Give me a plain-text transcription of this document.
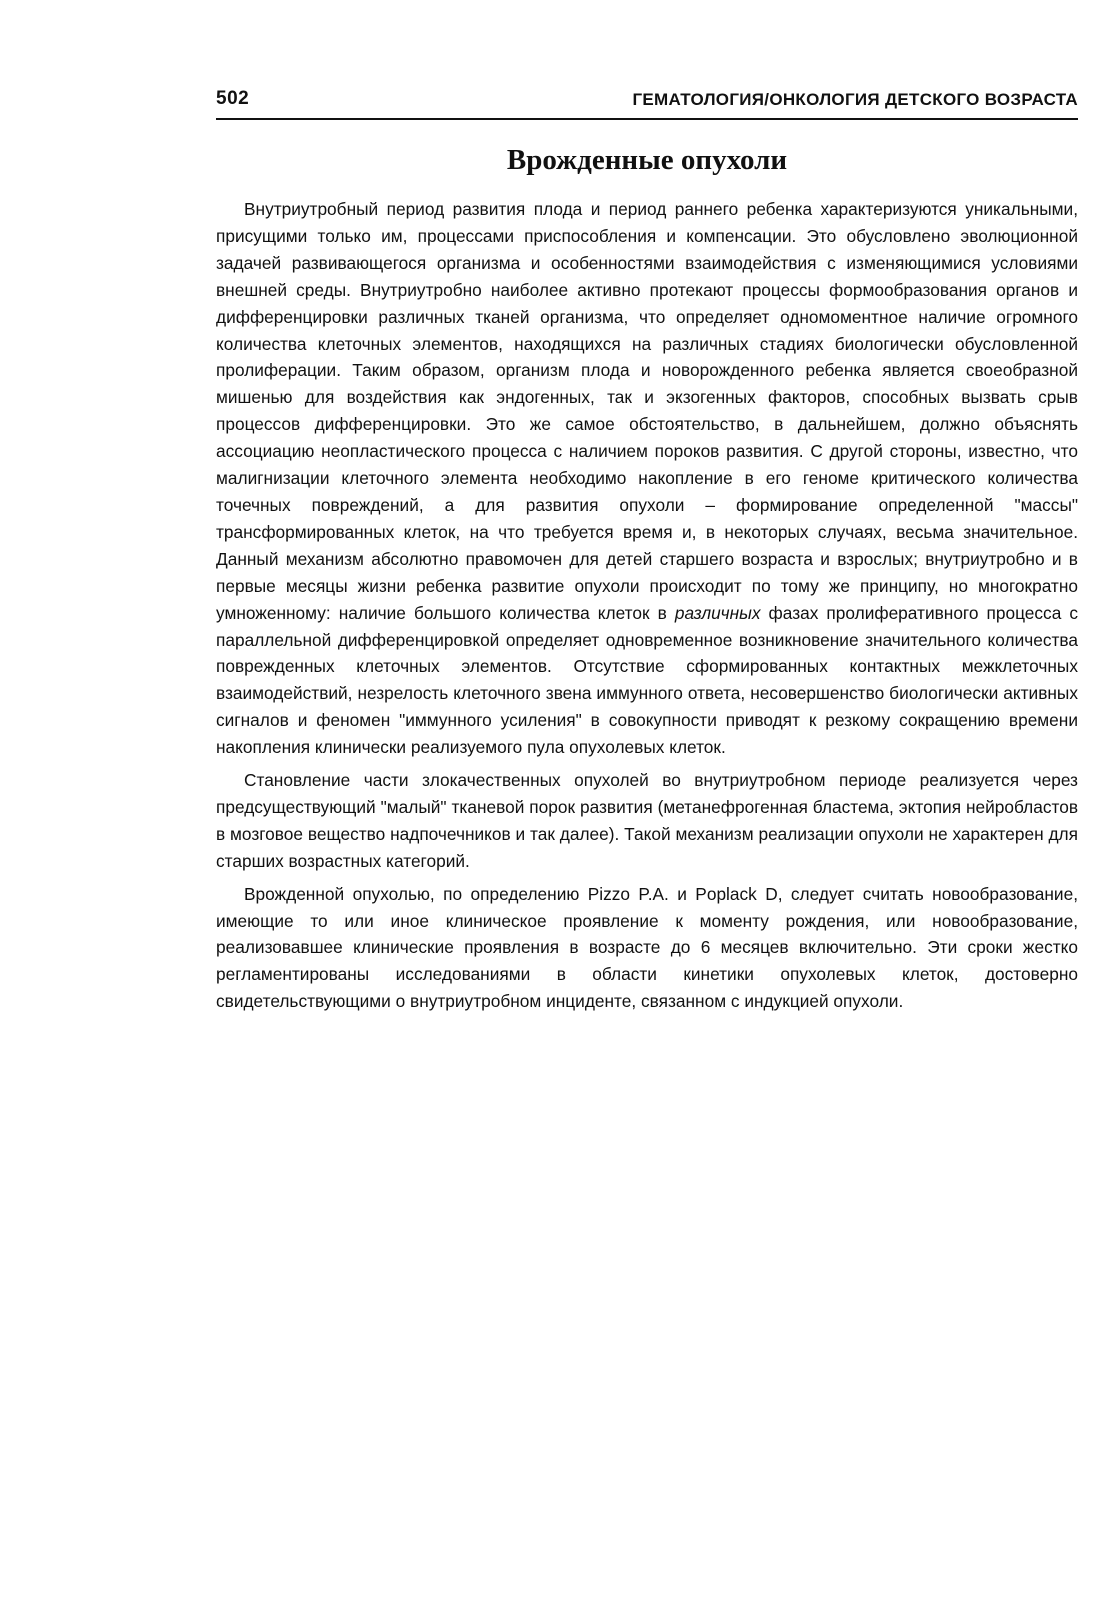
502	ГЕМАТОЛОГИЯ/ОНКОЛОГИЯ ДЕТСКОГО ВОЗРАСТА
Врожденные опухоли

Внутриутробный период развития плода и период раннего ребенка характеризуются уникальными, присущими только им, процессами приспособления и компенсации. Это обусловлено эволюционной задачей развивающегося организма и особенностями взаимодействия с изменяющимися условиями внешней среды. Внутриутробно наиболее активно протекают процессы формообразования органов и дифференцировки различных тканей организма, что определяет одномоментное наличие огромного количества клеточных элементов, находящихся на различных стадиях биологически обусловленной пролиферации. Таким образом, организм плода и новорожденного ребенка является своеобразной мишенью для воздействия как эндогенных, так и экзогенных факторов, способных вызвать срыв процессов дифференцировки. Это же самое обстоятельство, в дальнейшем, должно объяснять ассоциацию неопластического процесса с наличием пороков развития. С другой стороны, известно, что малигнизации клеточного элемента необходимо накопление в его геноме критического количества точечных повреждений, а для развития опухоли – формирование определенной "массы" трансформированных клеток, на что требуется время и, в некоторых случаях, весьма значительное. Данный механизм абсолютно правомочен для детей старшего возраста и взрослых; внутриутробно и в первые месяцы жизни ребенка развитие опухоли происходит по тому же принципу, но многократно умноженному: наличие большого количества клеток в различных фазах пролиферативного процесса с параллельной дифференцировкой определяет одновременное возникновение значительного количества поврежденных клеточных элементов. Отсутствие сформированных контактных межклеточных взаимодействий, незрелость клеточного звена иммунного ответа, несовершенство биологически активных сигналов и феномен "иммунного усиления" в совокупности приводят к резкому сокращению времени накопления клинически реализуемого пула опухолевых клеток.

Становление части злокачественных опухолей во внутриутробном периоде реализуется через предсуществующий "малый" тканевой порок развития (метанефрогенная бластема, эктопия нейробластов в мозговое вещество надпочечников и так далее). Такой механизм реализации опухоли не характерен для старших возрастных категорий.

Врожденной опухолью, по определению Pizzo P.A. и Poplack D, следует считать новообразование, имеющие то или иное клиническое проявление к моменту рождения, или новообразование, реализовавшее клинические проявления в возрасте до 6 месяцев включительно. Эти сроки жестко регламентированы исследованиями в области кинетики опухолевых клеток, достоверно свидетельствующими о внутриутробном инциденте, связанном с индукцией опухоли.
